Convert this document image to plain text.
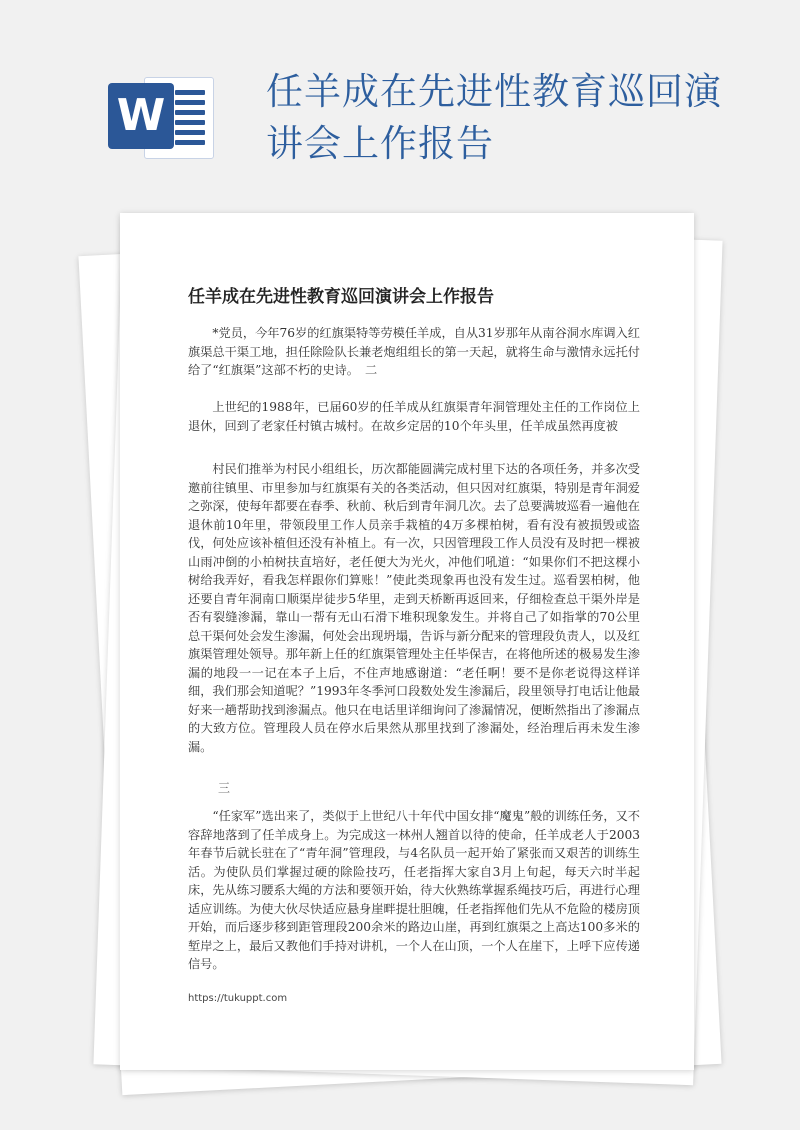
W	任羊成在先进性教育巡回演讲会上作报告
任羊成在先进性教育巡回演讲会上作报告

*党员，今年76岁的红旗渠特等劳模任羊成，自从31岁那年从南谷洞水库调入红旗渠总干渠工地，担任除险队长兼老炮组组长的第一天起，就将生命与激情永远托付给了“红旗渠”这部不朽的史诗。　二

上世纪的1988年，已届60岁的任羊成从红旗渠青年洞管理处主任的工作岗位上退休，回到了老家任村镇古城村。在故乡定居的10个年头里，任羊成虽然再度被

村民们推举为村民小组组长，历次都能圆满完成村里下达的各项任务，并多次受邀前往镇里、市里参加与红旗渠有关的各类活动，但只因对红旗渠，特别是青年洞爱之弥深，使每年都要在春季、秋前、秋后到青年洞几次。去了总要满坡巡看一遍他在退休前10年里，带领段里工作人员亲手栽植的4万多棵柏树，看有没有被损毁或盗伐，何处应该补植但还没有补植上。有一次，只因管理段工作人员没有及时把一棵被山雨冲倒的小柏树扶直培好，老任便大为光火，冲他们吼道：“如果你们不把这棵小树给我弄好，看我怎样跟你们算账！”使此类现象再也没有发生过。巡看罢柏树，他还要自青年洞南口顺渠岸徒步5华里，走到天桥断再返回来，仔细检查总干渠外岸是否有裂缝渗漏，靠山一帮有无山石滑下堆积现象发生。并将自己了如指掌的70公里总干渠何处会发生渗漏，何处会出现坍塌，告诉与新分配来的管理段负责人，以及红旗渠管理处领导。那年新上任的红旗渠管理处主任毕保吉，在将他所述的极易发生渗漏的地段一一记在本子上后，不住声地感谢道：“老任啊！要不是你老说得这样详细，我们那会知道呢？”1993年冬季河口段数处发生渗漏后，段里领导打电话让他最好来一趟帮助找到渗漏点。他只在电话里详细询问了渗漏情况，便断然指出了渗漏点的大致方位。管理段人员在停水后果然从那里找到了渗漏处，经治理后再未发生渗漏。

三

“任家军”选出来了，类似于上世纪八十年代中国女排“魔鬼”般的训练任务，又不容辞地落到了任羊成身上。为完成这一林州人翘首以待的使命，任羊成老人于2003年春节后就长驻在了“青年洞”管理段，与4名队员一起开始了紧张而又艰苦的训练生活。为使队员们掌握过硬的除险技巧，任老指挥大家自3月上旬起，每天六时半起床，先从练习腰系大绳的方法和要领开始，待大伙熟练掌握系绳技巧后，再进行心理适应训练。为使大伙尽快适应悬身崖畔提壮胆魄，任老指挥他们先从不危险的楼房顶开始，而后逐步移到距管理段200余米的路边山崖，再到红旗渠之上高达100多米的堑岸之上，最后又教他们手持对讲机，一个人在山顶，一个人在崖下，上呼下应传递信号。

https://tukuppt.com
